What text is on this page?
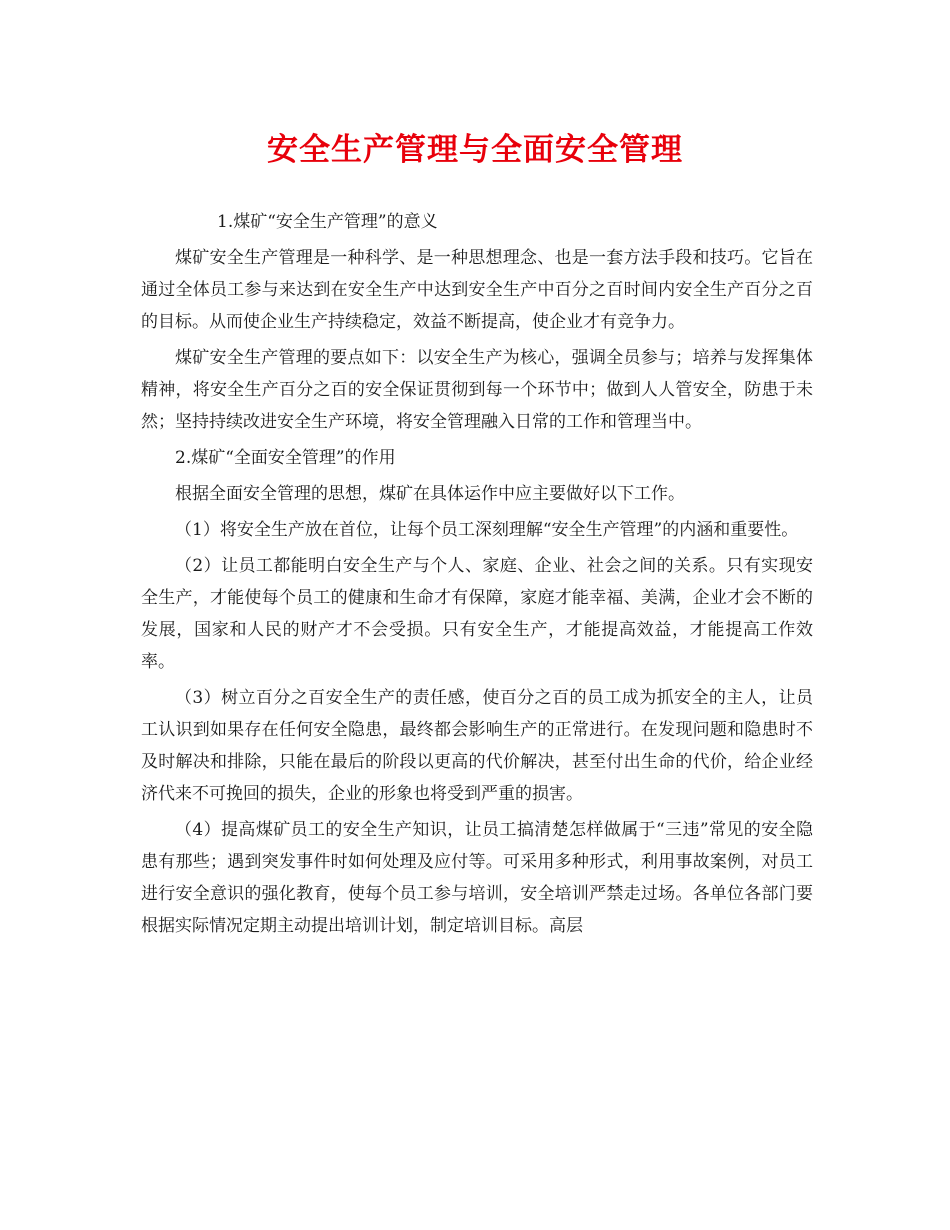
安全生产管理与全面安全管理

1.煤矿“安全生产管理”的意义

煤矿安全生产管理是一种科学、是一种思想理念、也是一套方法手段和技巧。它旨在通过全体员工参与来达到在安全生产中达到安全生产中百分之百时间内安全生产百分之百的目标。从而使企业生产持续稳定，效益不断提高，使企业才有竞争力。

煤矿安全生产管理的要点如下：以安全生产为核心，强调全员参与；培养与发挥集体精神，将安全生产百分之百的安全保证贯彻到每一个环节中；做到人人管安全，防患于未然；坚持持续改进安全生产环境，将安全管理融入日常的工作和管理当中。

2.煤矿“全面安全管理”的作用

根据全面安全管理的思想，煤矿在具体运作中应主要做好以下工作。

（1）将安全生产放在首位，让每个员工深刻理解“安全生产管理”的内涵和重要性。

（2）让员工都能明白安全生产与个人、家庭、企业、社会之间的关系。只有实现安全生产，才能使每个员工的健康和生命才有保障，家庭才能幸福、美满，企业才会不断的发展，国家和人民的财产才不会受损。只有安全生产，才能提高效益，才能提高工作效率。

（3）树立百分之百安全生产的责任感，使百分之百的员工成为抓安全的主人，让员工认识到如果存在任何安全隐患，最终都会影响生产的正常进行。在发现问题和隐患时不及时解决和排除，只能在最后的阶段以更高的代价解决，甚至付出生命的代价，给企业经济代来不可挽回的损失，企业的形象也将受到严重的损害。

（4）提高煤矿员工的安全生产知识，让员工搞清楚怎样做属于“三违”常见的安全隐患有那些；遇到突发事件时如何处理及应付等。可采用多种形式，利用事故案例，对员工进行安全意识的强化教育，使每个员工参与培训，安全培训严禁走过场。各单位各部门要根据实际情况定期主动提出培训计划，制定培训目标。高层
